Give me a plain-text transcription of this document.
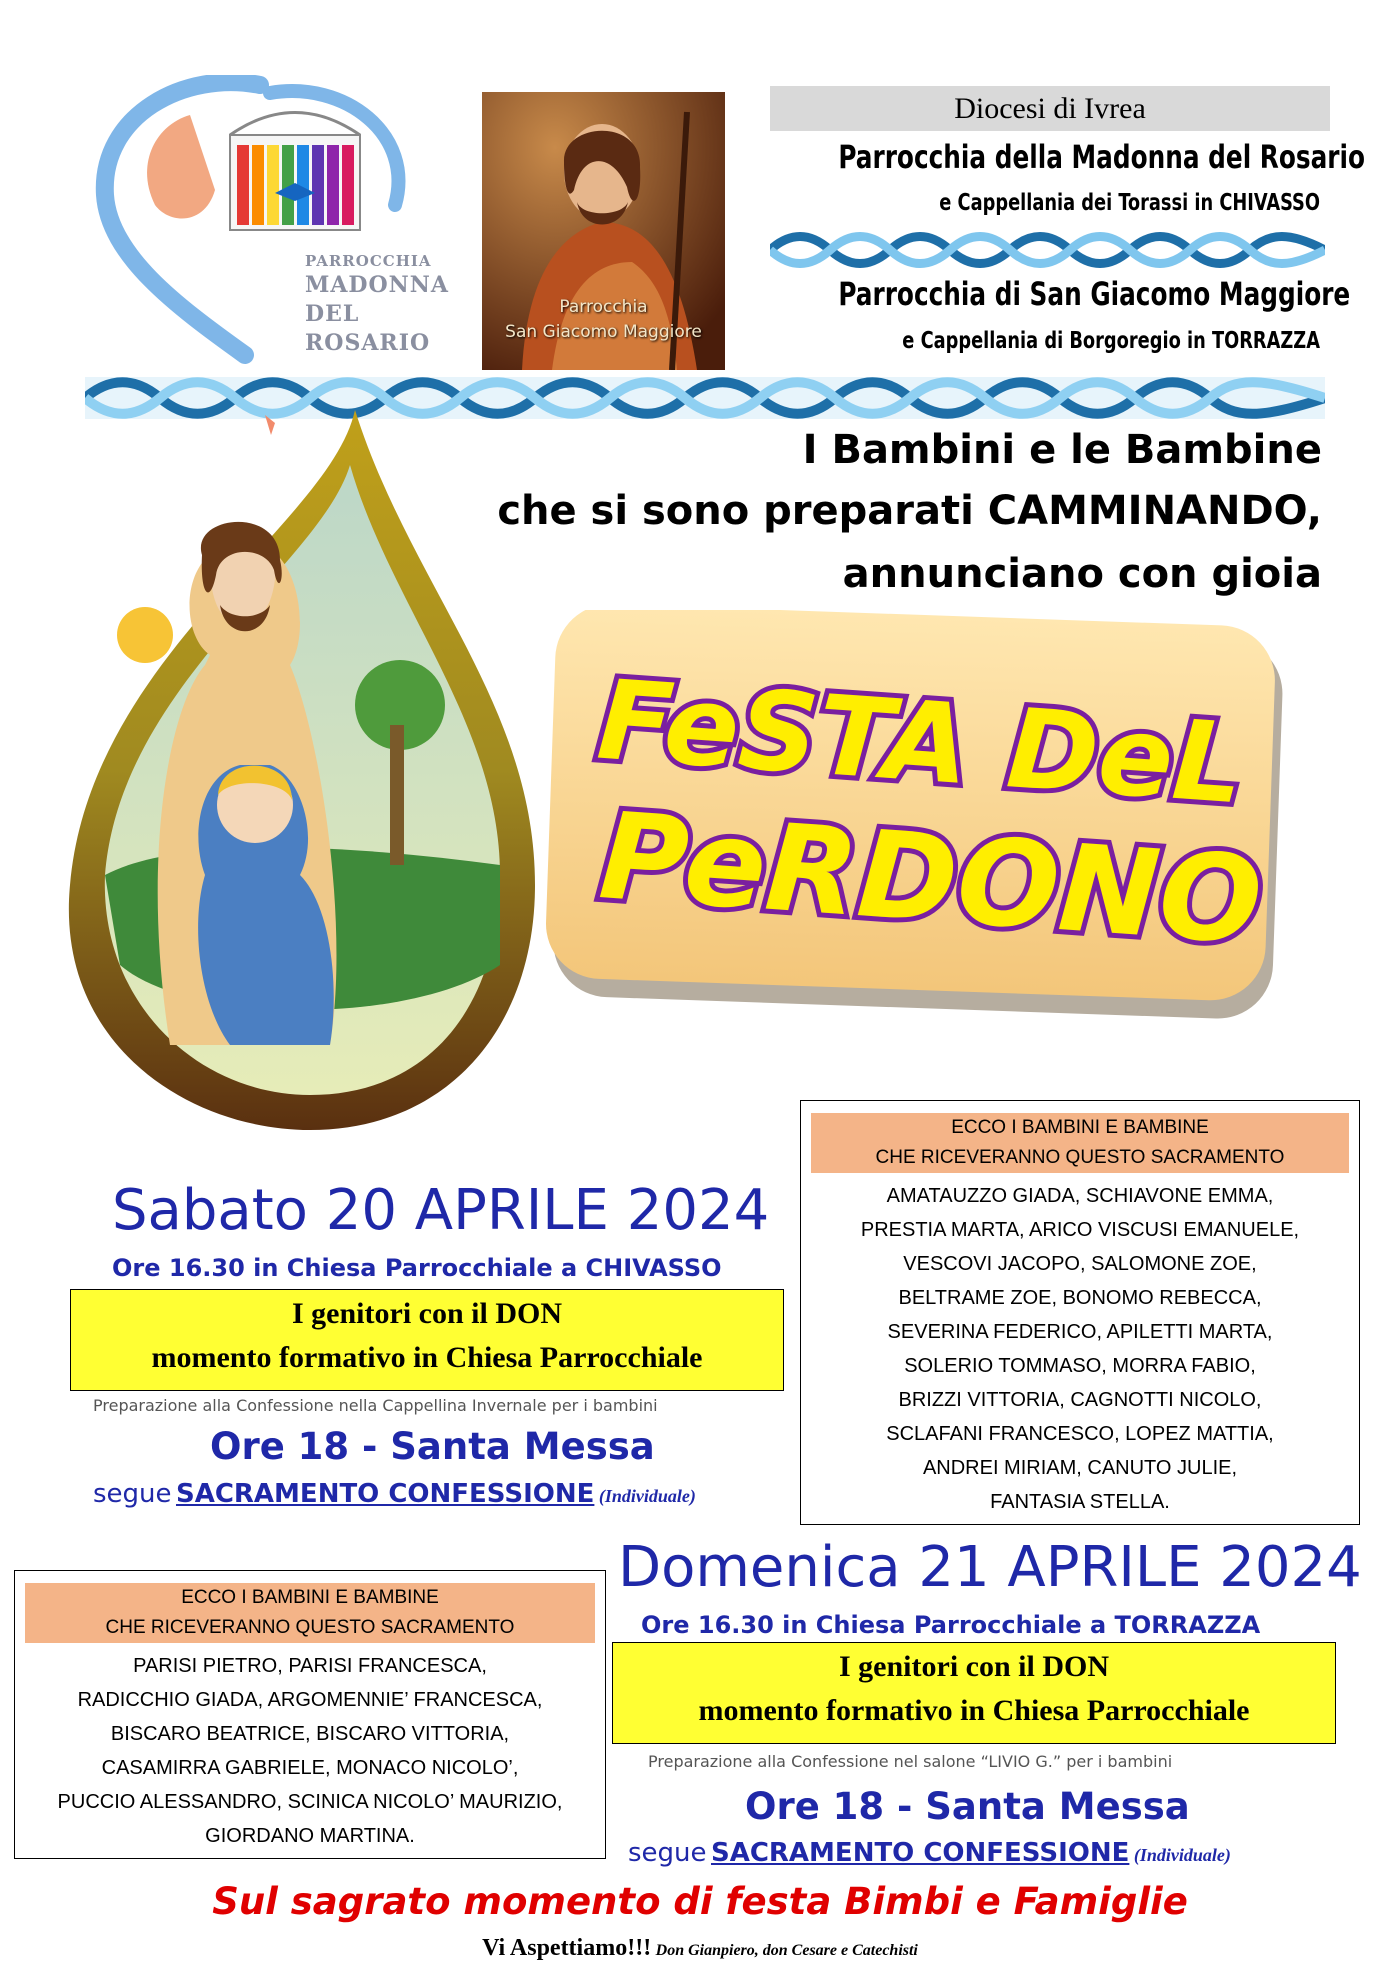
PARROCCHIA
MADONNA
DEL
ROSARIO
Parrocchia
San Giacomo Maggiore
Diocesi di Ivrea
Parrocchia della Madonna del Rosario
e Cappellania dei Torassi in CHIVASSO
Parrocchia di San Giacomo Maggiore
e Cappellania di Borgoregio in TORRAZZA
I Bambini e le Bambine
che si sono preparati CAMMINANDO,
annunciano con gioia
FeSTA DeL
PeRDONO
ECCO I BAMBINI E BAMBINE
CHE RICEVERANNO QUESTO SACRAMENTO
AMATAUZZO GIADA, SCHIAVONE EMMA,
PRESTIA MARTA, ARICO VISCUSI EMANUELE,
VESCOVI JACOPO, SALOMONE ZOE,
BELTRAME ZOE, BONOMO REBECCA,
SEVERINA FEDERICO, APILETTI MARTA,
SOLERIO TOMMASO, MORRA FABIO,
BRIZZI VITTORIA, CAGNOTTI NICOLO,
SCLAFANI FRANCESCO, LOPEZ MATTIA,
ANDREI MIRIAM, CANUTO JULIE,
FANTASIA STELLA.
Sabato 20 APRILE 2024
Ore 16.30 in Chiesa Parrocchiale a CHIVASSO
I genitori con il DON
momento formativo in Chiesa Parrocchiale
Preparazione alla Confessione nella Cappellina Invernale per i bambini
Ore 18 - Santa Messa
segue SACRAMENTO CONFESSIONE (Individuale)
ECCO I BAMBINI E BAMBINE
CHE RICEVERANNO QUESTO SACRAMENTO
PARISI PIETRO, PARISI FRANCESCA,
RADICCHIO GIADA, ARGOMENNIE’ FRANCESCA,
BISCARO BEATRICE, BISCARO VITTORIA,
CASAMIRRA GABRIELE, MONACO NICOLO’,
PUCCIO ALESSANDRO, SCINICA NICOLO’ MAURIZIO,
GIORDANO MARTINA.
Domenica 21 APRILE 2024
Ore 16.30 in Chiesa Parrocchiale a TORRAZZA
I genitori con il DON
momento formativo in Chiesa Parrocchiale
Preparazione alla Confessione nel salone “LIVIO G.” per i bambini
Ore 18 - Santa Messa
segue SACRAMENTO CONFESSIONE (Individuale)
Sul sagrato momento di festa Bimbi e Famiglie
Vi Aspettiamo!!! Don Gianpiero, don Cesare e Catechisti
